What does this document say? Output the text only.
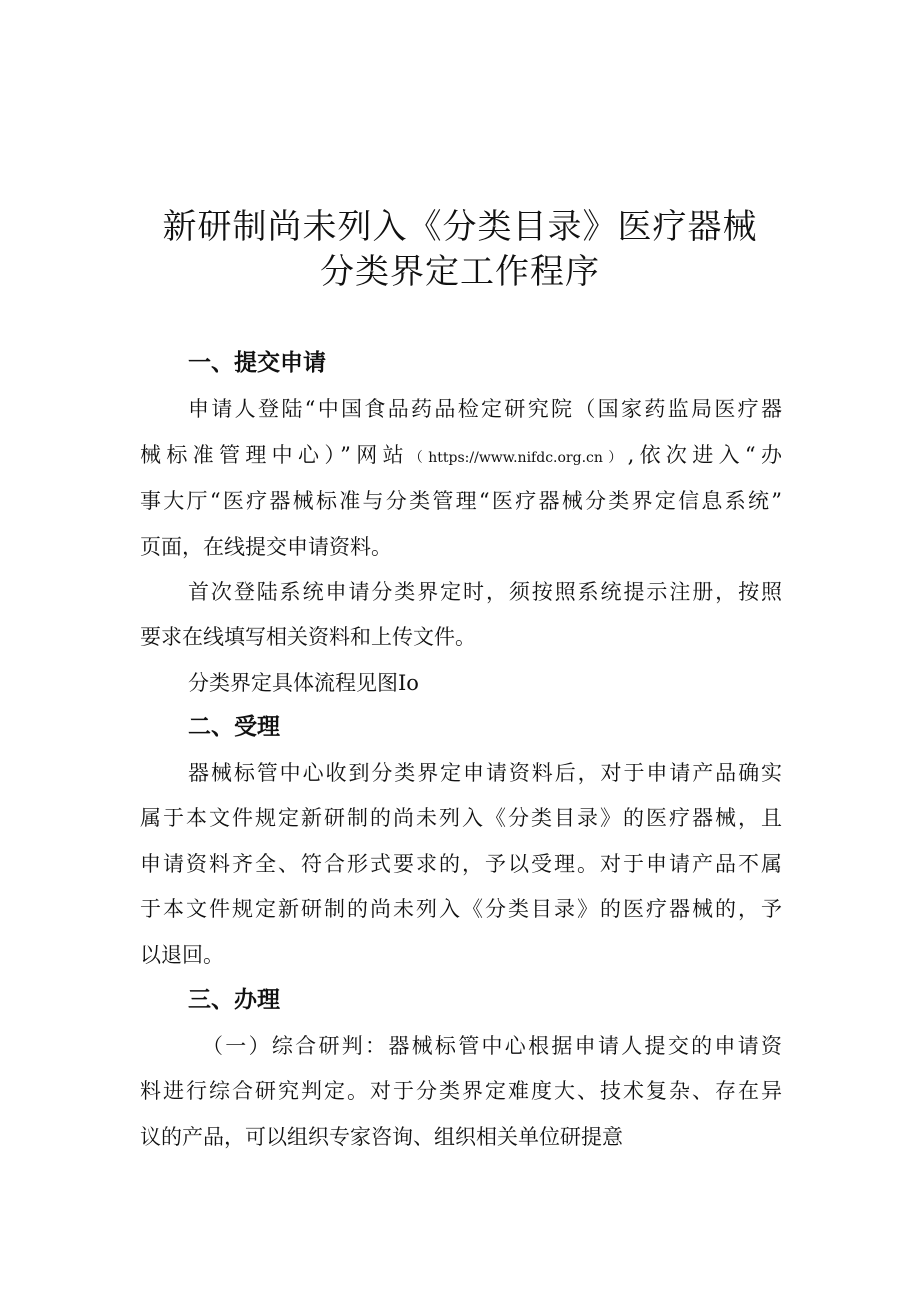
新研制尚未列入《分类目录》医疗器械
分类界定工作程序
一、提交申请
申请人登陆“中国食品药品检定研究院（国家药监局医疗器
械标准管理中心）”网站（https://www.nifdc.org.cn）,依次进入“办
事大厅“医疗器械标准与分类管理“医疗器械分类界定信息系统”
页面，在线提交申请资料。
首次登陆系统申请分类界定时，须按照系统提示注册，按照
要求在线填写相关资料和上传文件。
分类界定具体流程见图Io
二、受理
器械标管中心收到分类界定申请资料后，对于申请产品确实
属于本文件规定新研制的尚未列入《分类目录》的医疗器械，且
申请资料齐全、符合形式要求的，予以受理。对于申请产品不属
于本文件规定新研制的尚未列入《分类目录》的医疗器械的，予
以退回。
三、办理
（一）综合研判：器械标管中心根据申请人提交的申请资
料进行综合研究判定。对于分类界定难度大、技术复杂、存在异
议的产品，可以组织专家咨询、组织相关单位研提意
